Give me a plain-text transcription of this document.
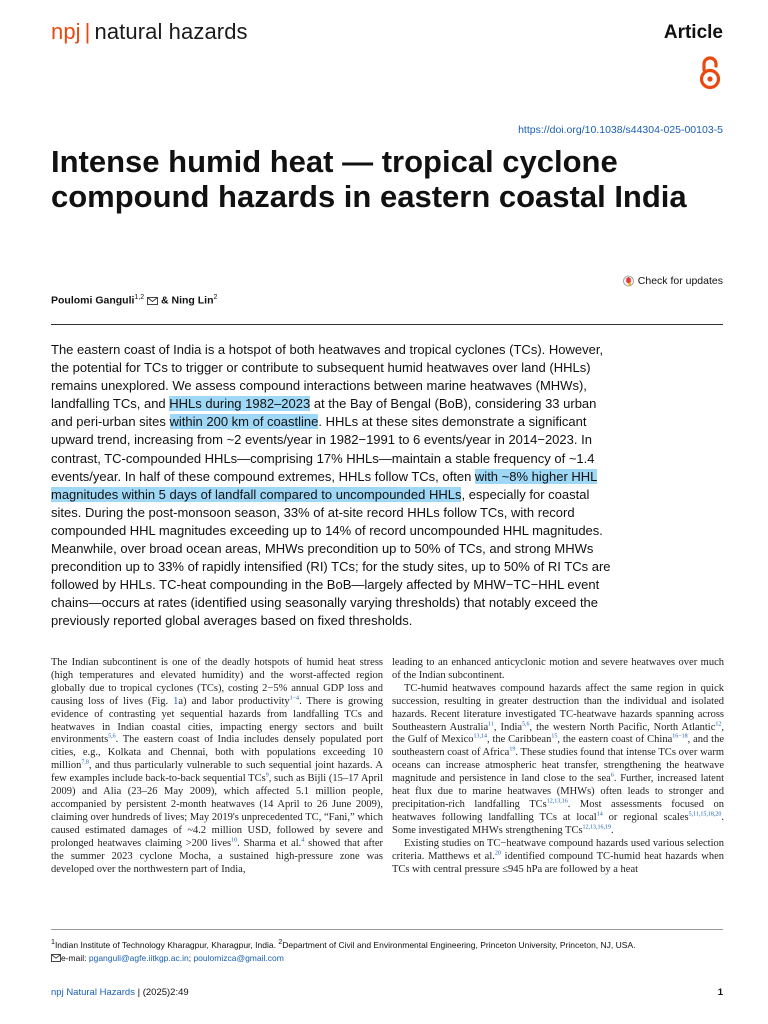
npj | natural hazards	Article
https://doi.org/10.1038/s44304-025-00103-5
Intense humid heat — tropical cyclone compound hazards in eastern coastal India
Check for updates
Poulomi Ganguli$^{1,2}$  & Ning Lin$^2$

The eastern coast of India is a hotspot of both heatwaves and tropical cyclones (TCs). However, the potential for TCs to trigger or contribute to subsequent humid heatwaves over land (HHLs) remains unexplored. We assess compound interactions between marine heatwaves (MHWs), landfalling TCs, and HHLs during 1982–2023 at the Bay of Bengal (BoB), considering 33 urban and peri-urban sites within 200 km of coastline. HHLs at these sites demonstrate a significant upward trend, increasing from ~2 events/year in 1982−1991 to 6 events/year in 2014−2023. In contrast, TC-compounded HHLs—comprising 17% HHLs—maintain a stable frequency of ~1.4 events/year. In half of these compound extremes, HHLs follow TCs, often with ~8% higher HHL magnitudes within 5 days of landfall compared to uncompounded HHLs, especially for coastal sites. During the post-monsoon season, 33% of at-site record HHLs follow TCs, with record compounded HHL magnitudes exceeding up to 14% of record uncompounded HHL magnitudes. Meanwhile, over broad ocean areas, MHWs precondition up to 50% of TCs, and strong MHWs precondition up to 33% of rapidly intensified (RI) TCs; for the study sites, up to 50% of RI TCs are followed by HHLs. TC-heat compounding in the BoB—largely affected by MHW−TC−HHL event chains—occurs at rates (identified using seasonally varying thresholds) that notably exceed the previously reported global averages based on fixed thresholds.

The Indian subcontinent is one of the deadly hotspots of humid heat stress (high temperatures and elevated humidity) and the worst-affected region globally due to tropical cyclones (TCs), costing 2−5% annual GDP loss and causing loss of lives (Fig. 1a) and labor productivity$^{1-4}$. There is growing evidence of contrasting yet sequential hazards from landfalling TCs and heatwaves in Indian coastal cities, impacting energy sectors and built environments$^{5,6}$. The eastern coast of India includes densely populated port cities, e.g., Kolkata and Chennai, both with populations exceeding 10 million$^{7,8}$, and thus particularly vulnerable to such sequential joint hazards. A few examples include back-to-back sequential TCs$^9$, such as Bijli (15–17 April 2009) and Alia (23–26 May 2009), which affected 5.1 million people, accompanied by persistent 2-month heatwaves (14 April to 26 June 2009), claiming over hundreds of lives; May 2019's unprecedented TC, “Fani,” which caused estimated damages of ~4.2 million USD, followed by severe and prolonged heatwaves claiming >200 lives$^{10}$. Sharma et al.$^4$ showed that after the summer 2023 cyclone Mocha, a sustained high-pressure zone was developed over the northwestern part of India,

leading to an enhanced anticyclonic motion and severe heatwaves over much of the Indian subcontinent.

TC-humid heatwaves compound hazards affect the same region in quick succession, resulting in greater destruction than the individual and isolated hazards. Recent literature investigated TC-heatwave hazards spanning across Southeastern Australia$^{11}$, India$^{5,6}$, the western North Pacific, North Atlantic$^{12}$, the Gulf of Mexico$^{13,14}$, the Caribbean$^{15}$, the eastern coast of China$^{16-18}$, and the southeastern coast of Africa$^{19}$. These studies found that intense TCs over warm oceans can increase atmospheric heat transfer, strengthening the heatwave magnitude and persistence in land close to the sea$^6$. Further, increased latent heat flux due to marine heatwaves (MHWs) often leads to stronger and precipitation-rich landfalling TCs$^{12,13,16}$. Most assessments focused on heatwaves following landfalling TCs at local$^{14}$ or regional scales$^{5,11,15,18,20}$. Some investigated MHWs strengthening TCs$^{12,13,16,19}$.

Existing studies on TC−heatwave compound hazards used various selection criteria. Matthews et al.$^{20}$ identified compound TC-humid heat hazards when TCs with central pressure ≤945 hPa are followed by a heat

$^1$Indian Institute of Technology Kharagpur, Kharagpur, India. $^2$Department of Civil and Environmental Engineering, Princeton University, Princeton, NJ, USA.
e-mail: pganguli@agfe.iitkgp.ac.in; poulomizca@gmail.com
npj Natural Hazards | (2025)2:49	1
